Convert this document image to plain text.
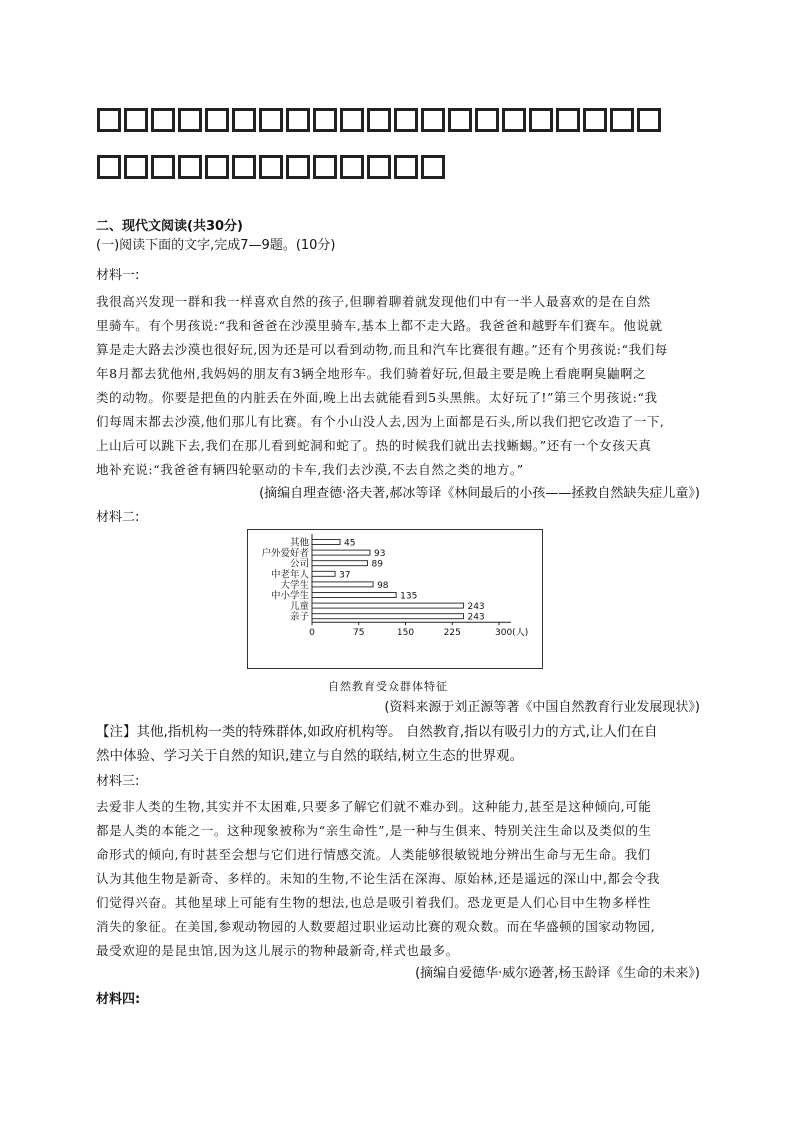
二、现代文阅读(共30分)
(一)阅读下面的文字,完成7—9题。(10分)
材料一:
我很高兴发现一群和我一样喜欢自然的孩子,但聊着聊着就发现他们中有一半人最喜欢的是在自然
里骑车。有个男孩说:“我和爸爸在沙漠里骑车,基本上都不走大路。我爸爸和越野车们赛车。他说就
算是走大路去沙漠也很好玩,因为还是可以看到动物,而且和汽车比赛很有趣。”还有个男孩说:“我们每
年8月都去犹他州,我妈妈的朋友有3辆全地形车。我们骑着好玩,但最主要是晚上看鹿啊臭鼬啊之
类的动物。你要是把鱼的内脏丢在外面,晚上出去就能看到5头黑熊。太好玩了!”第三个男孩说:“我
们每周末都去沙漠,他们那儿有比赛。有个小山没人去,因为上面都是石头,所以我们把它改造了一下,
上山后可以跳下去,我们在那儿看到蛇洞和蛇了。热的时候我们就出去找蜥蜴。”还有一个女孩天真
地补充说:“我爸爸有辆四轮驱动的卡车,我们去沙漠,不去自然之类的地方。”
(摘编自理查德·洛夫著,郝冰等译《林间最后的小孩——拯救自然缺失症儿童》)
材料二:
其他	45
户外爱好者	93
公司	89
中老年人	37
大学生	98
中小学生	135
儿童	243
亲子	243
0	75	150	225	300(人)
自然教育受众群体特征
(资料来源于刘正源等著《中国自然教育行业发展现状》)
【注】其他,指机构一类的特殊群体,如政府机构等。 自然教育,指以有吸引力的方式,让人们在自
然中体验、学习关于自然的知识,建立与自然的联结,树立生态的世界观。
材料三:
去爱非人类的生物,其实并不太困难,只要多了解它们就不难办到。这种能力,甚至是这种倾向,可能
都是人类的本能之一。这种现象被称为“亲生命性”,是一种与生俱来、特别关注生命以及类似的生
命形式的倾向,有时甚至会想与它们进行情感交流。人类能够很敏锐地分辨出生命与无生命。我们
认为其他生物是新奇、多样的。未知的生物,不论生活在深海、原始林,还是遥远的深山中,都会令我
们觉得兴奋。其他星球上可能有生物的想法,也总是吸引着我们。恐龙更是人们心目中生物多样性
消失的象征。在美国,参观动物园的人数要超过职业运动比赛的观众数。而在华盛顿的国家动物园,
最受欢迎的是昆虫馆,因为这儿展示的物种最新奇,样式也最多。
(摘编自爱德华·威尔逊著,杨玉龄译《生命的未来》)
材料四:
